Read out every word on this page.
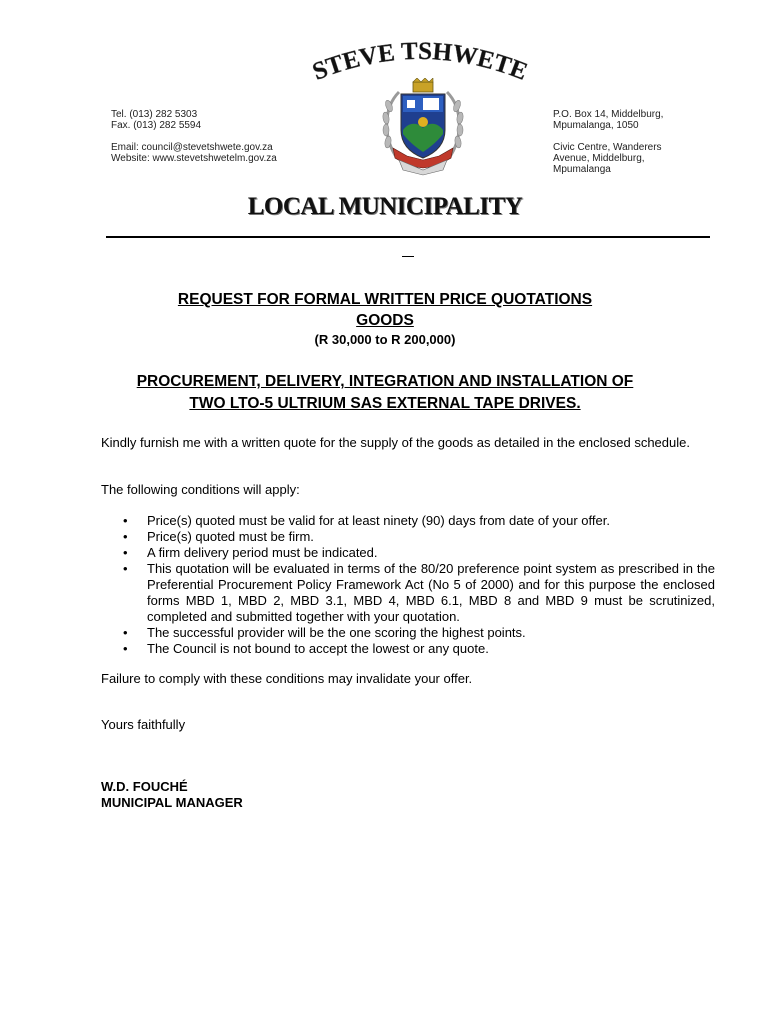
Tel. (013) 282 5303
Fax. (013) 282 5594
Email: council@stevetshwete.gov.za
Website: www.stevetshwetelm.gov.za
P.O. Box 14, Middelburg,
Mpumalanga, 1050
Civic Centre, Wanderers
Avenue, Middelburg,
Mpumalanga
STEVE TSHWETE
LOCAL MUNICIPALITY
REQUEST FOR FORMAL WRITTEN PRICE QUOTATIONS
GOODS
(R 30,000 to R 200,000)
PROCUREMENT, DELIVERY, INTEGRATION AND INSTALLATION OF
TWO LTO-5 ULTRIUM SAS EXTERNAL TAPE DRIVES.
Kindly furnish me with a written quote for the supply of the goods as detailed in the enclosed schedule.
The following conditions will apply:
• Price(s) quoted must be valid for at least ninety (90) days from date of your offer.
• Price(s) quoted must be firm.
• A firm delivery period must be indicated.
• This quotation will be evaluated in terms of the 80/20 preference point system as prescribed in the Preferential Procurement Policy Framework Act (No 5 of 2000) and for this purpose the enclosed forms MBD 1, MBD 2, MBD 3.1, MBD 4, MBD 6.1, MBD 8 and MBD 9 must be scrutinized, completed and submitted together with your quotation.
• The successful provider will be the one scoring the highest points.
• The Council is not bound to accept the lowest or any quote.
Failure to comply with these conditions may invalidate your offer.
Yours faithfully
W.D. FOUCHÉ
MUNICIPAL MANAGER
